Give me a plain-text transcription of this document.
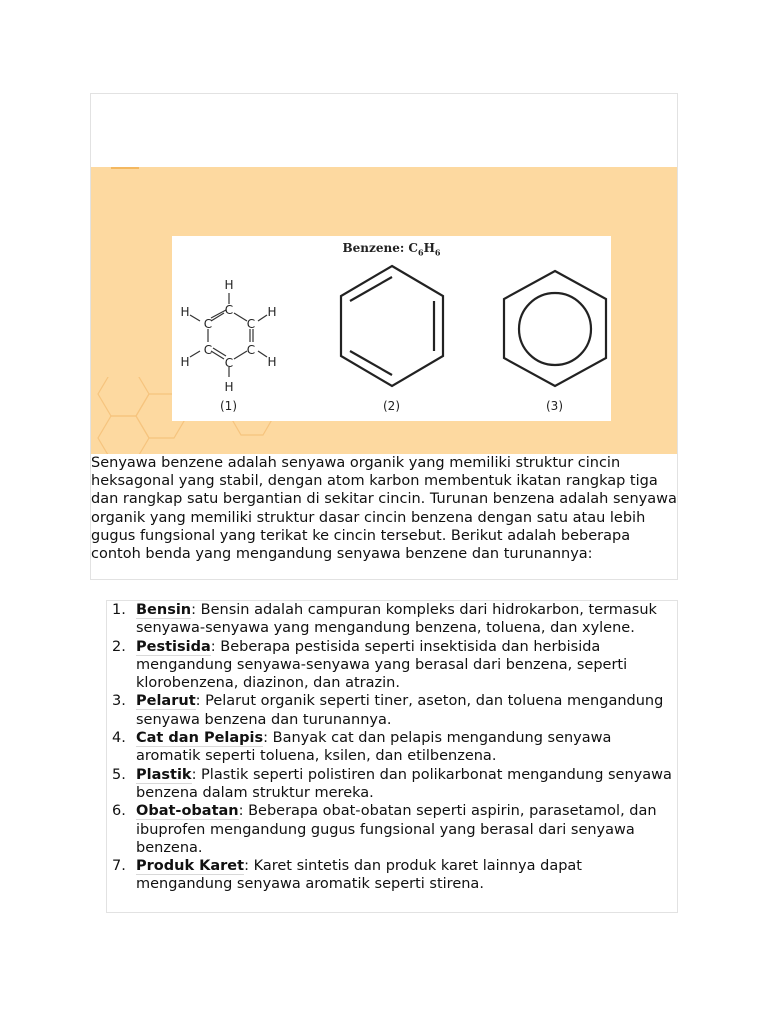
Benzene: $C_6H_6$
H
C
C	C
C	C
C
H	H
H	H
H
(1)	(2)	(3)
Senyawa benzene adalah senyawa organik yang memiliki struktur cincin heksagonal yang stabil, dengan atom karbon membentuk ikatan rangkap tiga dan rangkap satu bergantian di sekitar cincin. Turunan benzena adalah senyawa organik yang memiliki struktur dasar cincin benzena dengan satu atau lebih gugus fungsional yang terikat ke cincin tersebut. Berikut adalah beberapa contoh benda yang mengandung senyawa benzene dan turunannya:
1. Bensin: Bensin adalah campuran kompleks dari hidrokarbon, termasuk senyawa-senyawa yang mengandung benzena, toluena, dan xylene.
2. Pestisida: Beberapa pestisida seperti insektisida dan herbisida mengandung senyawa-senyawa yang berasal dari benzena, seperti klorobenzena, diazinon, dan atrazin.
3. Pelarut: Pelarut organik seperti tiner, aseton, dan toluena mengandung senyawa benzena dan turunannya.
4. Cat dan Pelapis: Banyak cat dan pelapis mengandung senyawa aromatik seperti toluena, ksilen, dan etilbenzena.
5. Plastik: Plastik seperti polistiren dan polikarbonat mengandung senyawa benzena dalam struktur mereka.
6. Obat-obatan: Beberapa obat-obatan seperti aspirin, parasetamol, dan ibuprofen mengandung gugus fungsional yang berasal dari senyawa benzena.
7. Produk Karet: Karet sintetis dan produk karet lainnya dapat mengandung senyawa aromatik seperti stirena.
